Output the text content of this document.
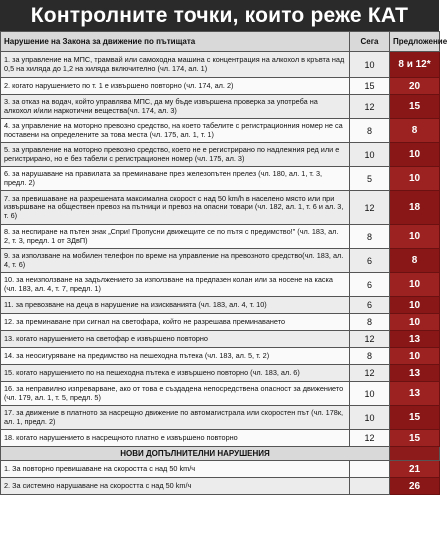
Контролните точки, които реже КАТ
Нарушение на Закона за движение по пътищата	Сега	Предложение
1. за управление на МПС, трамвай или самоходна машина с концентрация на алкохол в кръвта над 0,5 на хиляда до 1,2 на хиляда включително (чл. 174, ал. 1)	10	8 и 12*
2. когато нарушението по т. 1 е извършено повторно (чл. 174, ал. 2)	15	20
3. за отказ на водач, който управлява МПС, да му бъде извършена проверка за употреба на алкохол и/или наркотични вещества(чл. 174, ал. 3)	12	15
4. за управление на моторно превозно средство, на което табелите с регистрационния номер не са поставени на определените за това места (чл. 175, ал. 1, т. 1)	8	8
5. за управление на моторно превозно средство, което не е регистрирано по надлежния ред или е регистрирано, но е без табели с регистрационен номер (чл. 175, ал. 3)	10	10
6. за нарушаване на правилата за преминаване през железопътен прелез (чл. 180, ал. 1, т. 3, предл. 2)	5	10
7. за превишаване на разрешената максимална скорост с над 50 km/h в населено място или при извършване на обществен превоз на пътници и превоз на опасни товари (чл. 182, ал. 1, т. 6 и ал. 3, т. 6)	12	18
8. за неспиране на пътен знак „Спри! Пропусни движещите се по пътя с предимство!" (чл. 183, ал. 2, т. 3, предл. 1 от ЗДвП)	8	10
9. за използване на мобилен телефон по време на управление на превозното средство(чл. 183, ал. 4, т. 6)	6	8
10. за неизползване на задължението за използване на предпазен колан или за носене на каска (чл. 183, ал. 4, т. 7, предл. 1)	6	10
11. за превозване на деца в нарушение на изискванията (чл. 183, ал. 4, т. 10)	6	10
12. за преминаване при сигнал на светофара, който не разрешава преминаването	8	10
13. когато нарушението на светофар е извършено повторно	12	13
14. за неосигуряване на предимство на пешеходна пътека (чл. 183, ал. 5, т. 2)	8	10
15. когато нарушението по на пешеходна пътека е извършено повторно (чл. 183, ал. 6)	12	13
16. за неправилно изпреварване, ако от това е създадена непосредствена опасност за движението (чл. 179, ал. 1, т. 5, предл. 5)	10	13
17. за движение в платното за насрещно движение по автомагистрала или скоростен път (чл. 178к, ал. 1, предл. 2)	10	15
18. когато нарушението в насрещното платно е извършено повторно	12	15
НОВИ ДОПЪЛНИТЕЛНИ НАРУШЕНИЯ		
1. За повторно превишаване на скоростта с над 50 km/ч		21
2. За системно нарушаване на скоростта с над 50 km/ч		26
